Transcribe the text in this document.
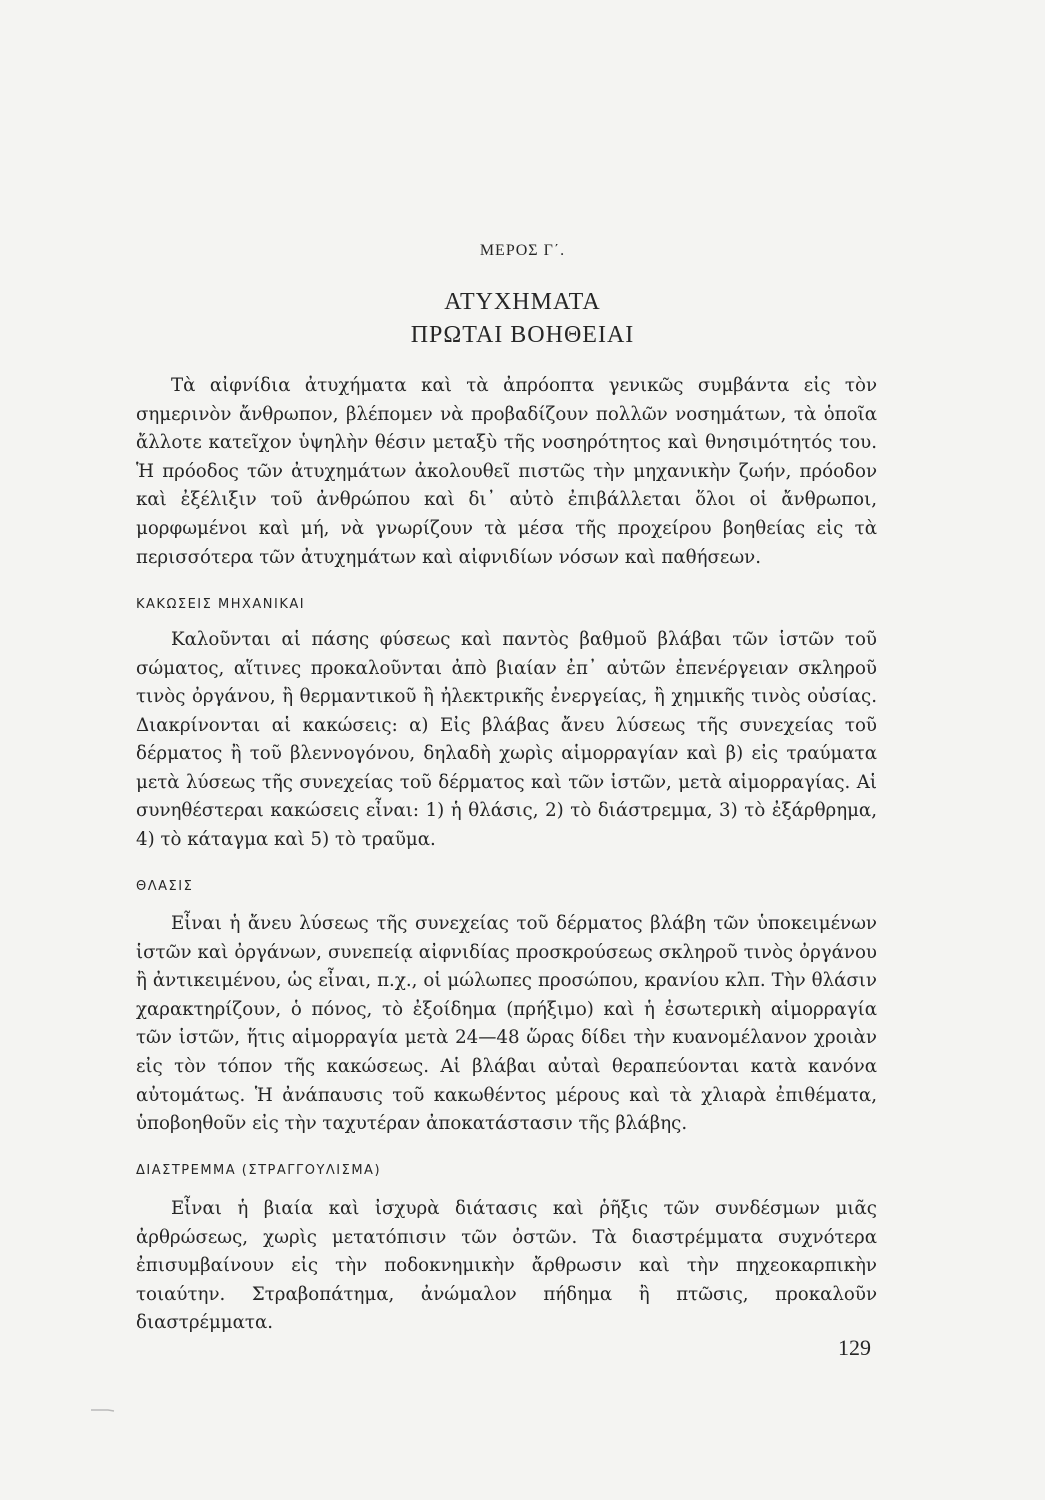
ΜΕΡΟΣ Γ΄.
ΑΤΥΧΗΜΑΤΑ
ΠΡΩΤΑΙ ΒΟΗΘΕΙΑΙ

Τὰ αἰφνίδια ἀτυχήματα καὶ τὰ ἀπρόοπτα γενικῶς συμβάντα εἰς τὸν σημερινὸν ἄνθρωπον, βλέπομεν νὰ προβαδίζουν πολλῶν νοσημάτων, τὰ ὁποῖα ἄλλοτε κατεῖχον ὑψηλὴν θέσιν μεταξὺ τῆς νοσηρότητος καὶ θνησιμότητός του. Ἡ πρόοδος τῶν ἀτυχημάτων ἀκολουθεῖ πιστῶς τὴν μηχανικὴν ζωήν, πρόοδον καὶ ἐξέλιξιν τοῦ ἀνθρώπου καὶ δι᾽ αὐτὸ ἐπιβάλλεται ὅλοι οἱ ἄνθρωποι, μορφωμένοι καὶ μή, νὰ γνωρίζουν τὰ μέσα τῆς προχείρου βοηθείας εἰς τὰ περισσότερα τῶν ἀτυχημάτων καὶ αἰφνιδίων νόσων καὶ παθήσεων.

ΚΑΚΩΣΕΙΣ ΜΗΧΑΝΙΚΑΙ

Καλοῦνται αἱ πάσης φύσεως καὶ παντὸς βαθμοῦ βλάβαι τῶν ἱστῶν τοῦ σώματος, αἵτινες προκαλοῦνται ἀπὸ βιαίαν ἐπ᾽ αὐτῶν ἐπενέργειαν σκληροῦ τινὸς ὀργάνου, ἢ θερμαντικοῦ ἢ ἠλεκτρικῆς ἐνεργείας, ἢ χημικῆς τινὸς οὐσίας. Διακρίνονται αἱ κακώσεις: α) Εἰς βλάβας ἄνευ λύσεως τῆς συνεχείας τοῦ δέρματος ἢ τοῦ βλεννογόνου, δηλαδὴ χωρὶς αἱμορραγίαν καὶ β) εἰς τραύματα μετὰ λύσεως τῆς συνεχείας τοῦ δέρματος καὶ τῶν ἱστῶν, μετὰ αἱμορραγίας. Αἱ συνηθέστεραι κακώσεις εἶναι: 1) ἡ θλάσις, 2) τὸ διάστρεμμα, 3) τὸ ἐξάρθρημα, 4) τὸ κάταγμα καὶ 5) τὸ τραῦμα.

ΘΛΑΣΙΣ

Εἶναι ἡ ἄνευ λύσεως τῆς συνεχείας τοῦ δέρματος βλάβη τῶν ὑποκειμένων ἱστῶν καὶ ὀργάνων, συνεπείᾳ αἰφνιδίας προσκρούσεως σκληροῦ τινὸς ὀργάνου ἢ ἀντικειμένου, ὡς εἶναι, π.χ., οἱ μώλωπες προσώπου, κρανίου κλπ. Τὴν θλάσιν χαρακτηρίζουν, ὁ πόνος, τὸ ἐξοίδημα (πρήξιμο) καὶ ἡ ἐσωτερικὴ αἱμορραγία τῶν ἱστῶν, ἥτις αἱμορραγία μετὰ 24—48 ὥρας δίδει τὴν κυανομέλανον χροιὰν εἰς τὸν τόπον τῆς κακώσεως. Αἱ βλάβαι αὐταὶ θεραπεύονται κατὰ κανόνα αὐτομάτως. Ἡ ἀνάπαυσις τοῦ κακωθέντος μέρους καὶ τὰ χλιαρὰ ἐπιθέματα, ὑποβοηθοῦν εἰς τὴν ταχυτέραν ἀποκατάστασιν τῆς βλάβης.

ΔΙΑΣΤΡΕΜΜΑ (ΣΤΡΑΓΓΟΥΛΙΣΜΑ)

Εἶναι ἡ βιαία καὶ ἰσχυρὰ διάτασις καὶ ῥῆξις τῶν συνδέσμων μιᾶς ἀρθρώσεως, χωρὶς μετατόπισιν τῶν ὀστῶν. Τὰ διαστρέμματα συχνότερα ἐπισυμβαίνουν εἰς τὴν ποδοκνημικὴν ἄρθρωσιν καὶ τὴν πηχεοκαρπικὴν τοιαύτην. Στραβοπάτημα, ἀνώμαλον πήδημα ἢ πτῶσις, προκαλοῦν διαστρέμματα.

129
